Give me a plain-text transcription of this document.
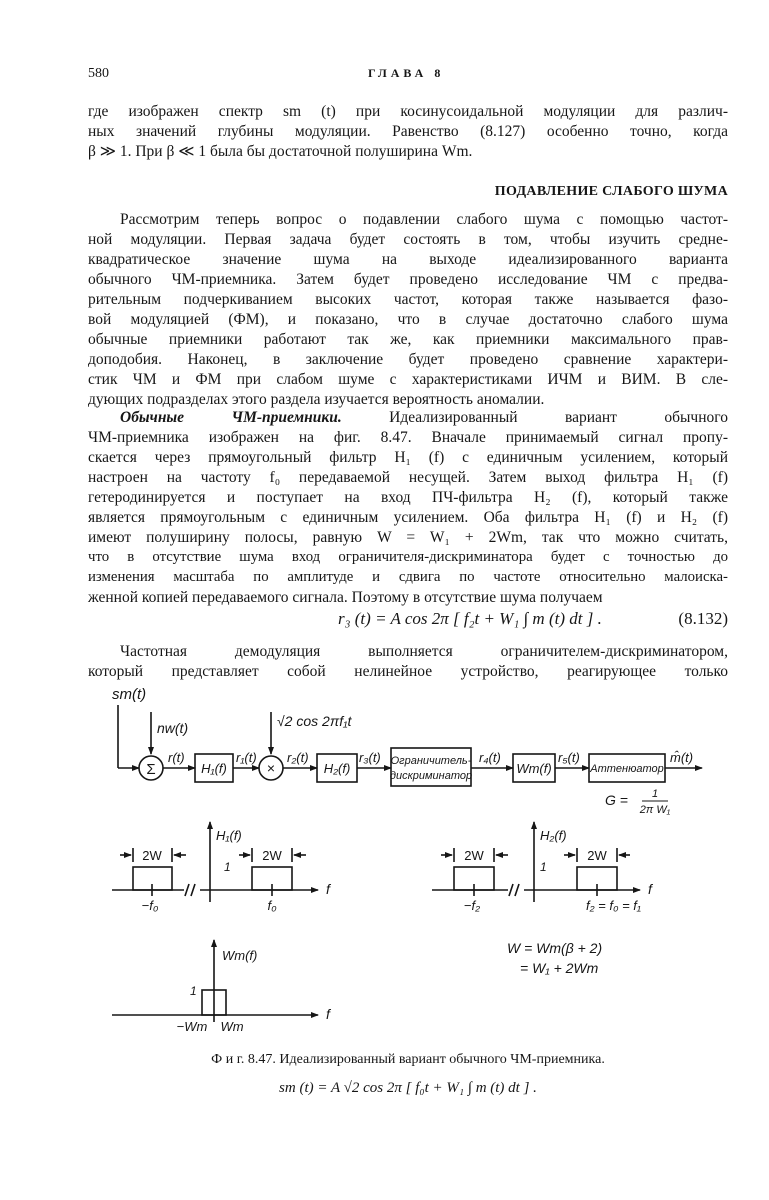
580	ГЛАВА 8
где изображен спектр sm (t) при косинусоидальной модуляции для различ-
ных значений глубины модуляции. Равенство (8.127) особенно точно, когда
β ≫ 1. При β ≪ 1 была бы достаточной полуширина Wm.
ПОДАВЛЕНИЕ СЛАБОГО ШУМА
Рассмотрим теперь вопрос о подавлении слабого шума с помощью частот-
ной модуляции. Первая задача будет состоять в том, чтобы изучить средне-
квадратическое значение шума на выходе идеализированного варианта
обычного ЧМ-приемника. Затем будет проведено исследование ЧМ с предва-
рительным подчеркиванием высоких частот, которая также называется фазо-
вой модуляцией (ФМ), и показано, что в случае достаточно слабого шума
обычные приемники работают так же, как приемники максимального прав-
доподобия. Наконец, в заключение будет проведено сравнение характери-
стик ЧМ и ФМ при слабом шуме с характеристиками ИЧМ и ВИМ. В сле-
дующих подразделах этого раздела изучается вероятность аномалии.
Обычные ЧМ-приемники. Идеализированный вариант обычного
ЧМ-приемника изображен на фиг. 8.47. Вначале принимаемый сигнал пропу-
скается через прямоугольный фильтр H₁ (f) с единичным усилением, который
настроен на частоту f₀ передаваемой несущей. Затем выход фильтра H₁ (f)
гетеродинируется и поступает на вход ПЧ-фильтра H₂ (f), который также
является прямоугольным с единичным усилением. Оба фильтра H₁ (f) и H₂ (f)
имеют полуширину полосы, равную W = W₁ + 2Wm, так что можно считать,
что в отсутствие шума вход ограничителя-дискриминатора будет с точностью до
изменения масштаба по амплитуде и сдвига по частоте относительно малоиска-
женной копией передаваемого сигнала. Поэтому в отсутствие шума получаем
r₃ (t) = A cos 2π [ f₂t + W₁ ∫ m (t) dt ] .	(8.132)
Частотная демодуляция выполняется ограничителем-дискриминатором,
который представляет собой нелинейное устройство, реагирующее только
sm(t)
nw(t)
Σ	×
√2 cos 2πf₁t
r(t)	r₁(t) r₂(t)	r₃(t)	r₄(t)	r₅(t)	m̂(t)
H₁(f)	H₂(f)	Ограничитель-
дискриминатор	Wm(f)	Аттенюатор
G = 1
2π W₁
H₁(f)
2W	2W
1
−f₀	f₀
f
H₂(f)
2W	2W
1
−f₂	f₂ = f₀ = f₁
f
Wm(f)
1
−Wm Wm
f
W = Wm(β + 2)
= W₁ + 2Wm
Ф и г. 8.47. Идеализированный вариант обычного ЧМ-приемника.
sm (t) = A √2 cos 2π [ f₀t + W₁ ∫ m (t) dt ] .
